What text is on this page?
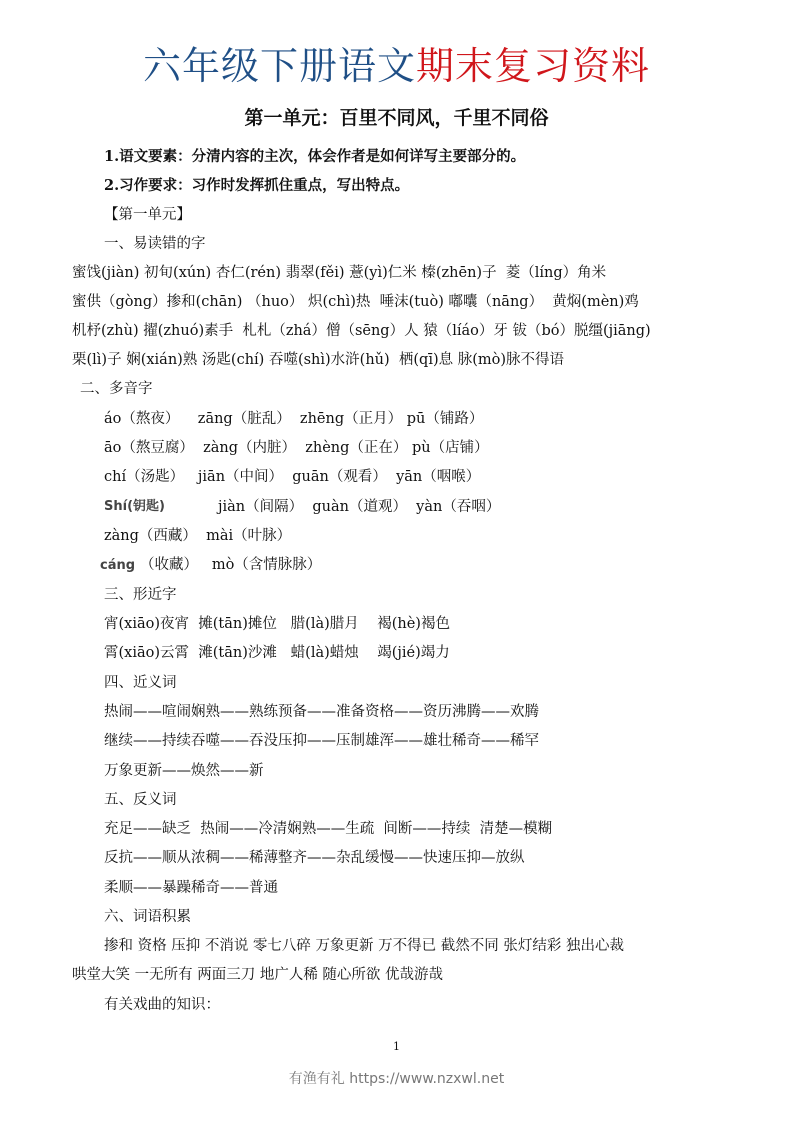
六年级下册语文期末复习资料
第一单元：百里不同风，千里不同俗
1.语文要素：分清内容的主次，体会作者是如何详写主要部分的。
2.习作要求：习作时发挥抓住重点，写出特点。
【第一单元】
一、易读错的字
蜜饯(jiàn) 初旬(xún) 杏仁(rén) 翡翠(fěi) 薏(yì)仁米 榛(zhēn)子  菱（líng）角米
蜜供（gòng）掺和(chān) （huo） 炽(chì)热  唾沫(tuò) 嘟囔（nāng）  黄焖(mèn)鸡
机杼(zhù) 擢(zhuó)素手  札札（zhá）僧（sēng）人 猿（líáo）牙 钹（bó）脱缰(jiāng)
栗(lì)子 娴(xián)熟 汤匙(chí) 吞噬(shì)水浒(hǔ)  栖(qī)息 脉(mò)脉不得语
二、多音字
áo（熬夜）    zāng（脏乱）  zhēng（正月） pū（铺路）
āo（熬豆腐）  zàng（内脏）  zhèng（正在） pù（店铺）
chí（汤匙）   jiān（中间）  guān（观看）  yān（咽喉）
Shí(钥匙)	jiàn（间隔）  guàn（道观）  yàn（吞咽）
zàng（西藏）  mài（叶脉）
cáng （收藏）   mò（含情脉脉）
三、形近字
宵(xiāo)夜宵  摊(tān)摊位   腊(là)腊月    褐(hè)褐色
霄(xiāo)云霄  滩(tān)沙滩   蜡(là)蜡烛    竭(jié)竭力
四、近义词
热闹——喧闹娴熟——熟练预备——准备资格——资历沸腾——欢腾
继续——持续吞噬——吞没压抑——压制雄浑——雄壮稀奇——稀罕
万象更新——焕然——新
五、反义词
充足——缺乏  热闹——冷清娴熟——生疏  间断——持续  清楚—模糊
反抗——顺从浓稠——稀薄整齐——杂乱缓慢——快速压抑—放纵
柔顺——暴躁稀奇——普通
六、词语积累
掺和 资格 压抑 不消说 零七八碎 万象更新 万不得已 截然不同 张灯结彩 独出心裁
哄堂大笑 一无所有 两面三刀 地广人稀 随心所欲 优哉游哉
有关戏曲的知识：
1
有渔有礼 https://www.nzxwl.net
